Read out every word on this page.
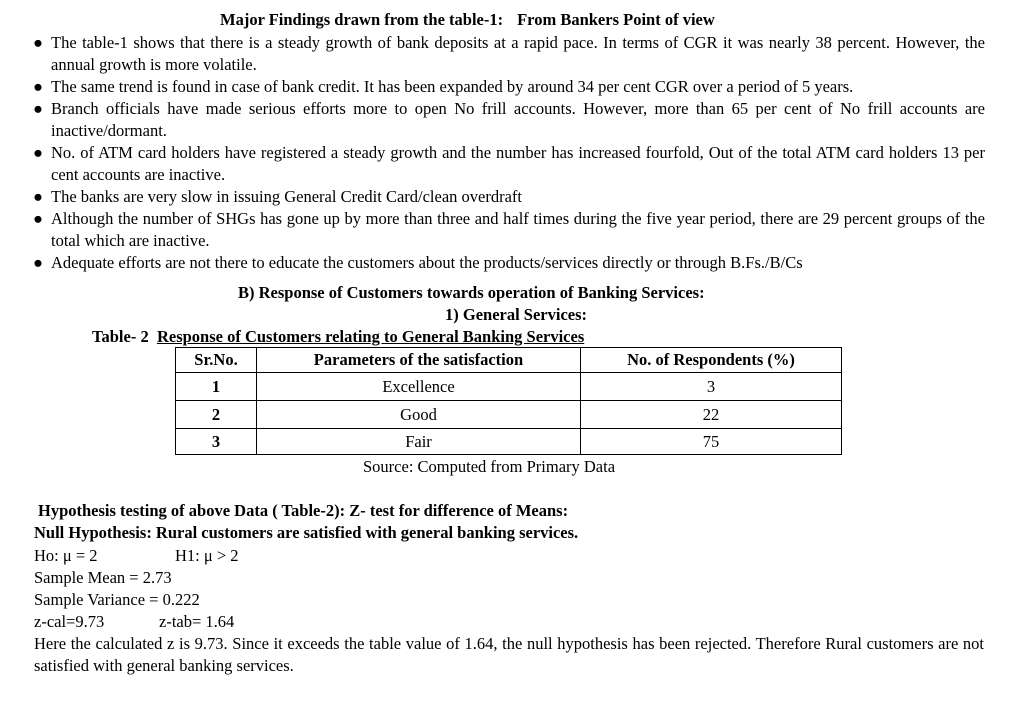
Major Findings drawn from the table-1: From Bankers Point of view
● The table-1 shows that there is a steady growth of bank deposits at a rapid pace. In terms of CGR it was nearly 38 percent. However, the annual growth is more volatile.
● The same trend is found in case of bank credit. It has been expanded by around 34 per cent CGR over a period of 5 years.
● Branch officials have made serious efforts more to open No frill accounts. However, more than 65 per cent of No frill accounts are inactive/dormant.
● No. of ATM card holders have registered a steady growth and the number has increased fourfold, Out of the total ATM card holders 13 per cent accounts are inactive.
● The banks are very slow in issuing General Credit Card/clean overdraft
● Although the number of SHGs has gone up by more than three and half times during the five year period, there are 29 percent groups of the total which are inactive.
● Adequate efforts are not there to educate the customers about the products/services directly or through B.Fs./B/Cs
B) Response of Customers towards operation of Banking Services:
1) General Services:
Table- 2 Response of Customers relating to General Banking Services
Sr.No.	Parameters of the satisfaction	No. of Respondents (%)
1	Excellence	3
2	Good	22
3	Fair	75
Source: Computed from Primary Data
Hypothesis testing of above Data ( Table-2): Z- test for difference of Means:
Null Hypothesis: Rural customers are satisfied with general banking services.
Ho: μ = 2	H1: μ > 2
Sample Mean = 2.73
Sample Variance = 0.222
z-cal=9.73	z-tab= 1.64
Here the calculated z is 9.73. Since it exceeds the table value of 1.64, the null hypothesis has been rejected. Therefore Rural customers are not satisfied with general banking services.
